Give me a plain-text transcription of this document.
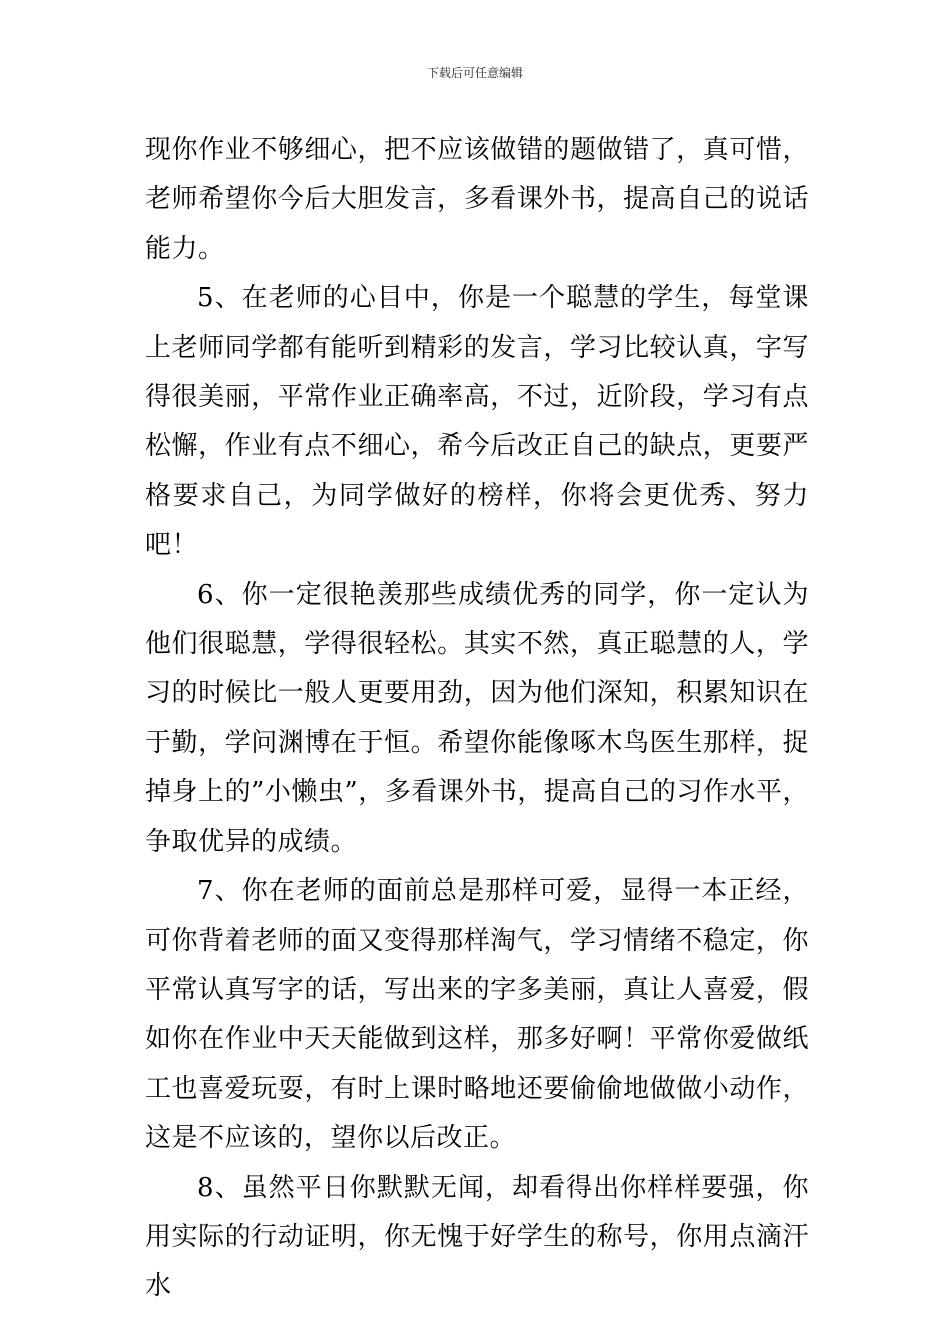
下载后可任意编辑

现你作业不够细心，把不应该做错的题做错了，真可惜，老师希望你今后大胆发言，多看课外书，提高自己的说话能力。

5、在老师的心目中，你是一个聪慧的学生，每堂课上老师同学都有能听到精彩的发言，学习比较认真，字写得很美丽，平常作业正确率高，不过，近阶段，学习有点松懈，作业有点不细心，希今后改正自己的缺点，更要严格要求自己，为同学做好的榜样，你将会更优秀、努力吧！

6、你一定很艳羡那些成绩优秀的同学，你一定认为他们很聪慧，学得很轻松。其实不然，真正聪慧的人，学习的时候比一般人更要用劲，因为他们深知，积累知识在于勤，学问渊博在于恒。希望你能像啄木鸟医生那样，捉掉身上的”小懒虫”，多看课外书，提高自己的习作水平，争取优异的成绩。

7、你在老师的面前总是那样可爱，显得一本正经，可你背着老师的面又变得那样淘气，学习情绪不稳定，你平常认真写字的话，写出来的字多美丽，真让人喜爱，假如你在作业中天天能做到这样，那多好啊！平常你爱做纸工也喜爱玩耍，有时上课时略地还要偷偷地做做小动作，这是不应该的，望你以后改正。

8、虽然平日你默默无闻，却看得出你样样要强，你用实际的行动证明，你无愧于好学生的称号，你用点滴汗水
